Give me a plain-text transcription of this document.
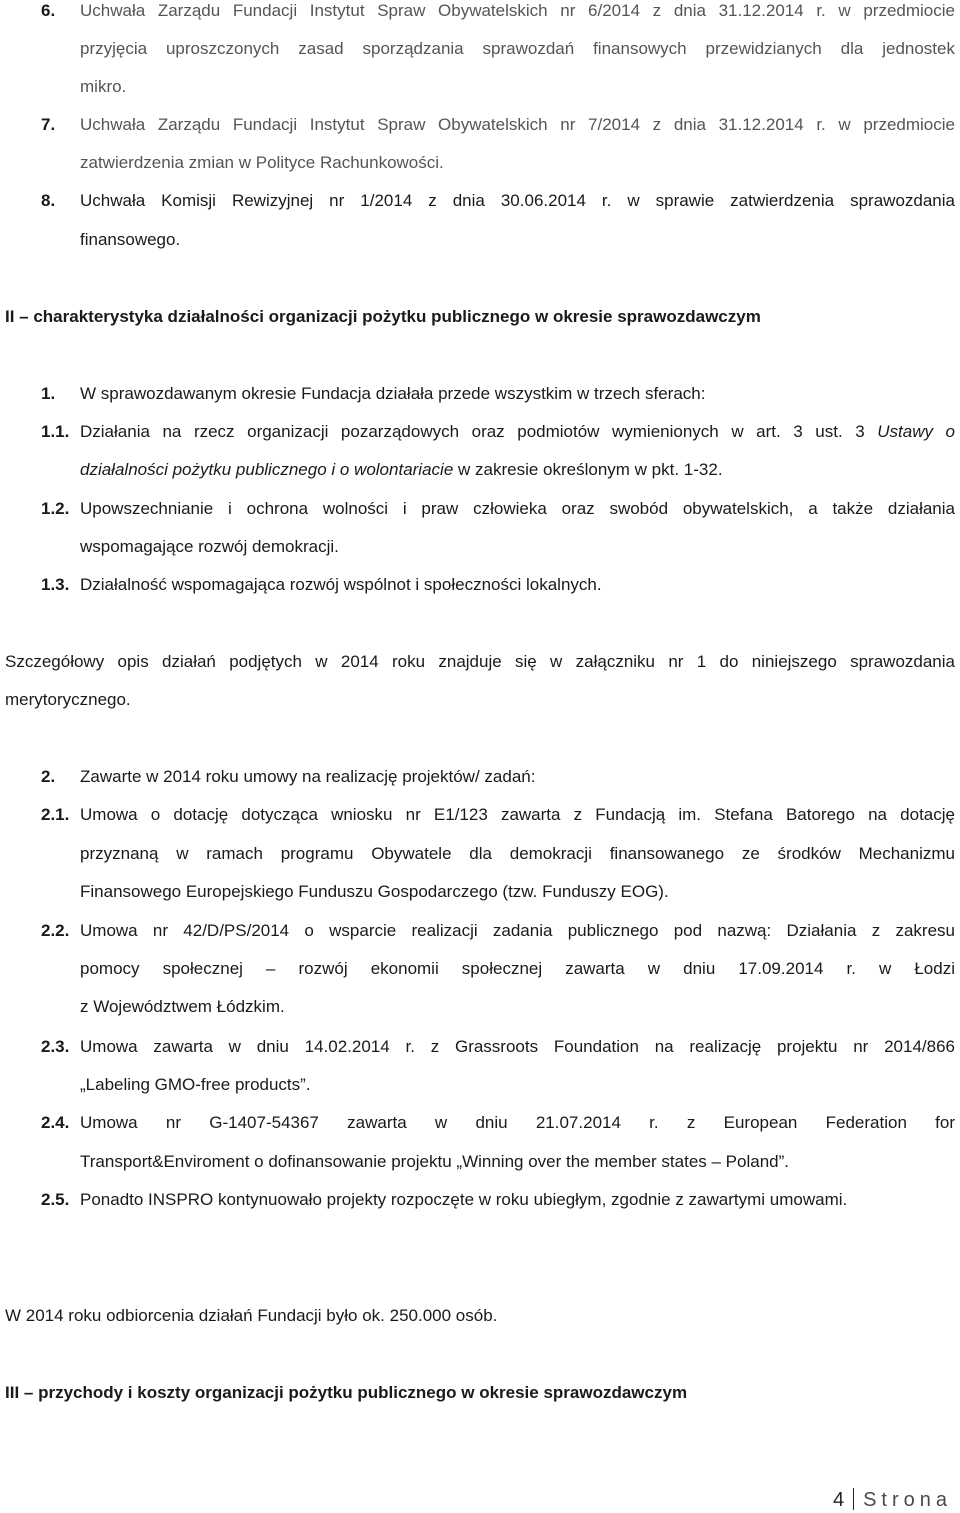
6. Uchwała Zarządu Fundacji Instytut Spraw Obywatelskich nr 6/2014 z dnia 31.12.2014 r. w przedmiocie
przyjęcia uproszczonych zasad sporządzania sprawozdań finansowych przewidzianych dla jednostek
mikro.
7. Uchwała Zarządu Fundacji Instytut Spraw Obywatelskich nr 7/2014 z dnia 31.12.2014 r. w przedmiocie
zatwierdzenia zmian w Polityce Rachunkowości.
8. Uchwała Komisji Rewizyjnej nr 1/2014 z dnia 30.06.2014 r. w sprawie zatwierdzenia sprawozdania
finansowego.
II – charakterystyka działalności organizacji pożytku publicznego w okresie sprawozdawczym
1. W sprawozdawanym okresie Fundacja działała przede wszystkim w trzech sferach:
1.1. Działania na rzecz organizacji pozarządowych oraz podmiotów wymienionych w art. 3 ust. 3 Ustawy o
działalności pożytku publicznego i o wolontariacie w zakresie określonym w pkt. 1-32.
1.2. Upowszechnianie i ochrona wolności i praw człowieka oraz swobód obywatelskich, a także działania
wspomagające rozwój demokracji.
1.3. Działalność wspomagająca rozwój wspólnot i społeczności lokalnych.
Szczegółowy opis działań podjętych w 2014 roku znajduje się w załączniku nr 1 do niniejszego sprawozdania
merytorycznego.
2. Zawarte w 2014 roku umowy na realizację projektów/ zadań:
2.1. Umowa o dotację dotycząca wniosku nr E1/123 zawarta z Fundacją im. Stefana Batorego na dotację
przyznaną w ramach programu Obywatele dla demokracji finansowanego ze środków Mechanizmu
Finansowego Europejskiego Funduszu Gospodarczego (tzw. Funduszy EOG).
2.2. Umowa nr 42/D/PS/2014 o wsparcie realizacji zadania publicznego pod nazwą: Działania z zakresu
pomocy społecznej – rozwój ekonomii społecznej zawarta w dniu 17.09.2014 r. w Łodzi
z Województwem Łódzkim.
2.3. Umowa zawarta w dniu 14.02.2014 r. z Grassroots Foundation na realizację projektu nr 2014/866
„Labeling GMO-free products”.
2.4. Umowa nr G-1407-54367 zawarta w dniu 21.07.2014 r. z European Federation for
Transport&Enviroment o dofinansowanie projektu „Winning over the member states – Poland”.
2.5. Ponadto INSPRO kontynuowało projekty rozpoczęte w roku ubiegłym, zgodnie z zawartymi umowami.
W 2014 roku odbiorcenia działań Fundacji było ok. 250.000 osób.
III – przychody i koszty organizacji pożytku publicznego w okresie sprawozdawczym
4 Strona
